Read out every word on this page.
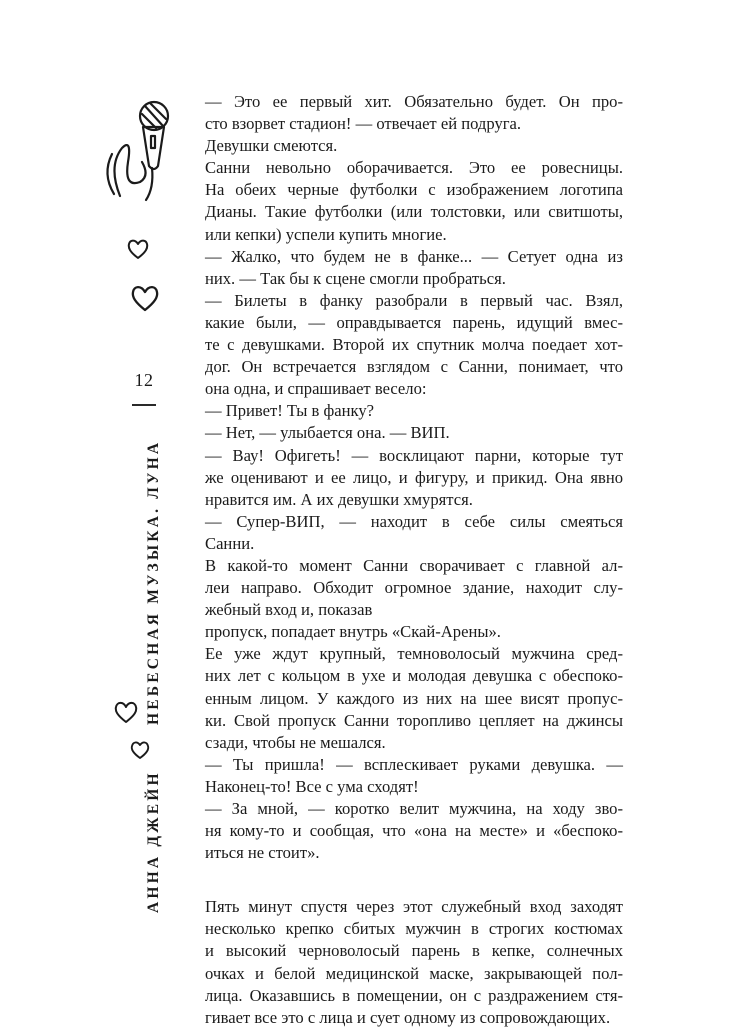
12
АННА ДЖЕЙН          НЕБЕСНАЯ МУЗЫКА. ЛУНА

— Это ее первый хит. Обязательно будет. Он про-

сто взорвет стадион! — отвечает ей подруга.

Девушки смеются.

Санни невольно оборачивается. Это ее ровесницы.

На обеих черные футболки с изображением логотипа

Дианы. Такие футболки (или толстовки, или свитшоты,

или кепки) успели купить многие.

— Жалко, что будем не в фанке... — Сетует одна из

них. — Так бы к сцене смогли пробраться.

— Билеты в фанку разобрали в первый час. Взял,

какие были, — оправдывается парень, идущий вмес-

те с девушками. Второй их спутник молча поедает хот-

дог. Он встречается взглядом с Санни, понимает, что

она одна, и спрашивает весело:

— Привет! Ты в фанку?

— Нет, — улыбается она. — ВИП.

— Вау! Офигеть! — восклицают парни, которые тут

же оценивают и ее лицо, и фигуру, и прикид. Она явно

нравится им. А их девушки хмурятся.

— Супер-ВИП, — находит в себе силы смеяться

Санни.

В какой-то момент Санни сворачивает с главной ал-

леи направо. Обходит огромное здание, находит слу-

жебный вход и, показав

пропуск, попадает внутрь «Скай-Арены».

Ее уже ждут крупный, темноволосый мужчина сред-

них лет с кольцом в ухе и молодая девушка с обеспоко-

енным лицом. У каждого из них на шее висят пропус-

ки. Свой пропуск Санни торопливо цепляет на джинсы

сзади, чтобы не мешался.

— Ты пришла! — всплескивает руками девушка. —

Наконец-то! Все с ума сходят!

— За мной, — коротко велит мужчина, на ходу зво-

ня кому-то и сообщая, что «она на месте» и «беспоко-

иться не стоит».

Пять минут спустя через этот служебный вход заходят

несколько крепко сбитых мужчин в строгих костюмах

и высокий черноволосый парень в кепке, солнечных

очках и белой медицинской маске, закрывающей пол-

лица. Оказавшись в помещении, он с раздражением стя-

гивает все это с лица и сует одному из сопровождающих.
